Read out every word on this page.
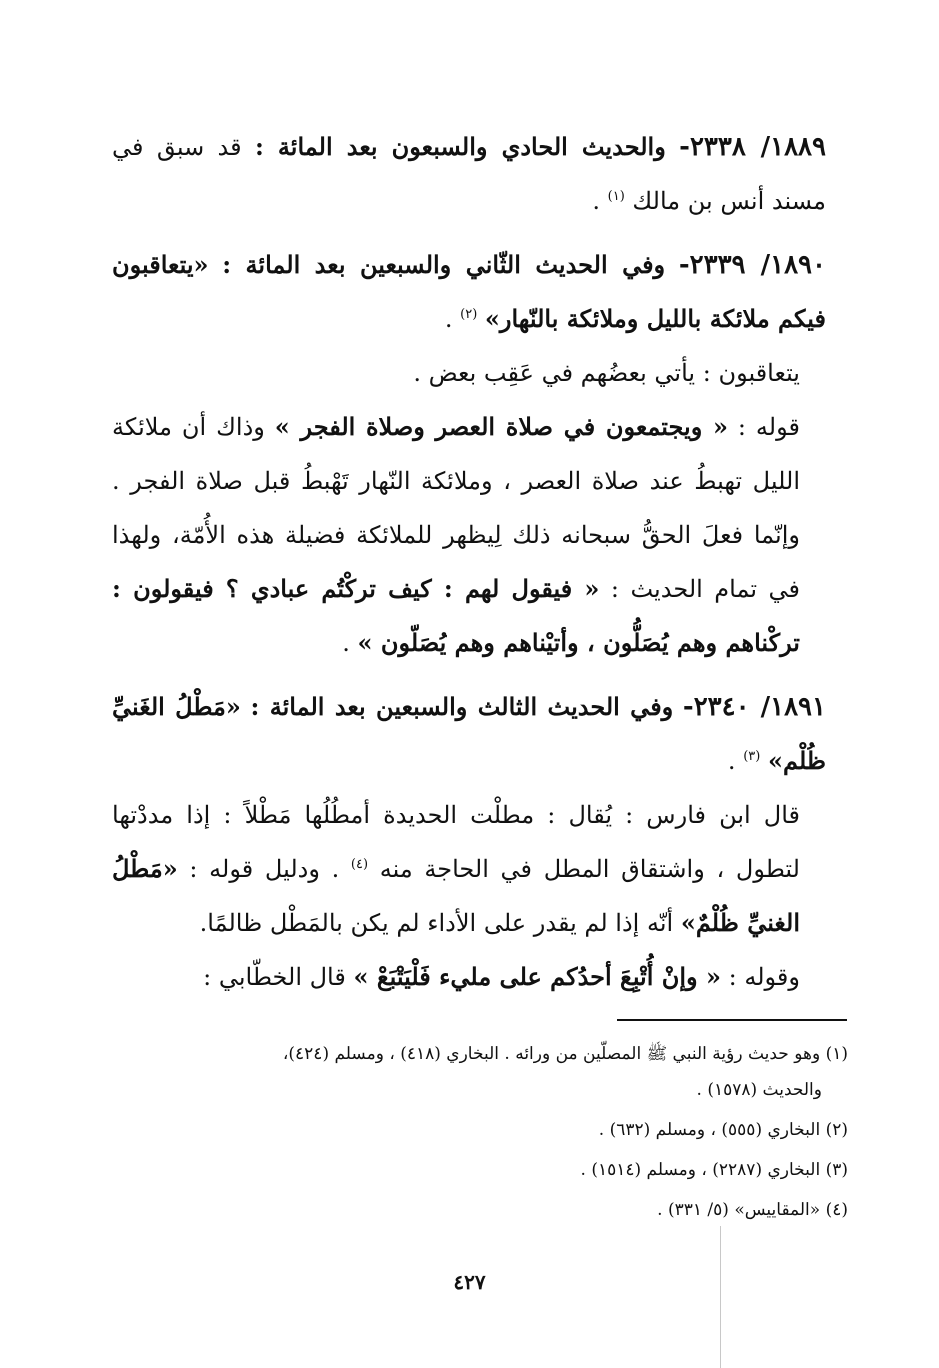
١٨٨٩/ ٢٣٣٨- والحديث الحادي والسبعون بعد المائة : قد سبق في مسند أنس بن مالك $^{(١)}$ .

١٨٩٠/ ٢٣٣٩- وفي الحديث الثّاني والسبعين بعد المائة : «يتعاقبون فيكم ملائكة بالليل وملائكة بالنّهار» $^{(٢)}$ .

يتعاقبون : يأتي بعضُهم في عَقِب بعض .

قوله : « ويجتمعون في صلاة العصر وصلاة الفجر » وذاك أن ملائكة الليل تهبطُ عند صلاة العصر ، وملائكة النّهار تَهْبطُ قبل صلاة الفجر . وإنّما فعلَ الحقُّ سبحانه ذلك لِيظهر للملائكة فضيلة هذه الأُمّة، ولهذا في تمام الحديث : « فيقول لهم : كيف تركْتُم عبادي ؟ فيقولون : تركْناهم وهم يُصَلُّون ، وأتيْناهم وهم يُصَلّون » .

١٨٩١/ ٢٣٤٠- وفي الحديث الثالث والسبعين بعد المائة : «مَطْلُ الغَنيِّ ظُلْم» $^{(٣)}$ .

قال ابن فارس : يُقال : مطلْت الحديدة أمطُلُها مَطْلاً : إذا مددْتها لتطول ، واشتقاق المطل في الحاجة منه $^{(٤)}$ . ودليل قوله : «مَطْلُ الغنيِّ ظُلْمٌ» أنّه إذا لم يقدر على الأداء لم يكن بالمَطْل ظالمًا.

وقوله : « وإنْ أُتْبِعَ أحدُكم على مليء فَلْيَتْبَعْ » قال الخطّابي :

(١) وهو حديث رؤية النبي ﷺ المصلّين من ورائه . البخاري (٤١٨) ، ومسلم (٤٢٤)،
والحديث (١٥٧٨) .

(٢) البخاري (٥٥٥) ، ومسلم (٦٣٢) .

(٣) البخاري (٢٢٨٧) ، ومسلم (١٥١٤) .

(٤) «المقاييس» (٥/ ٣٣١) .

٤٢٧
